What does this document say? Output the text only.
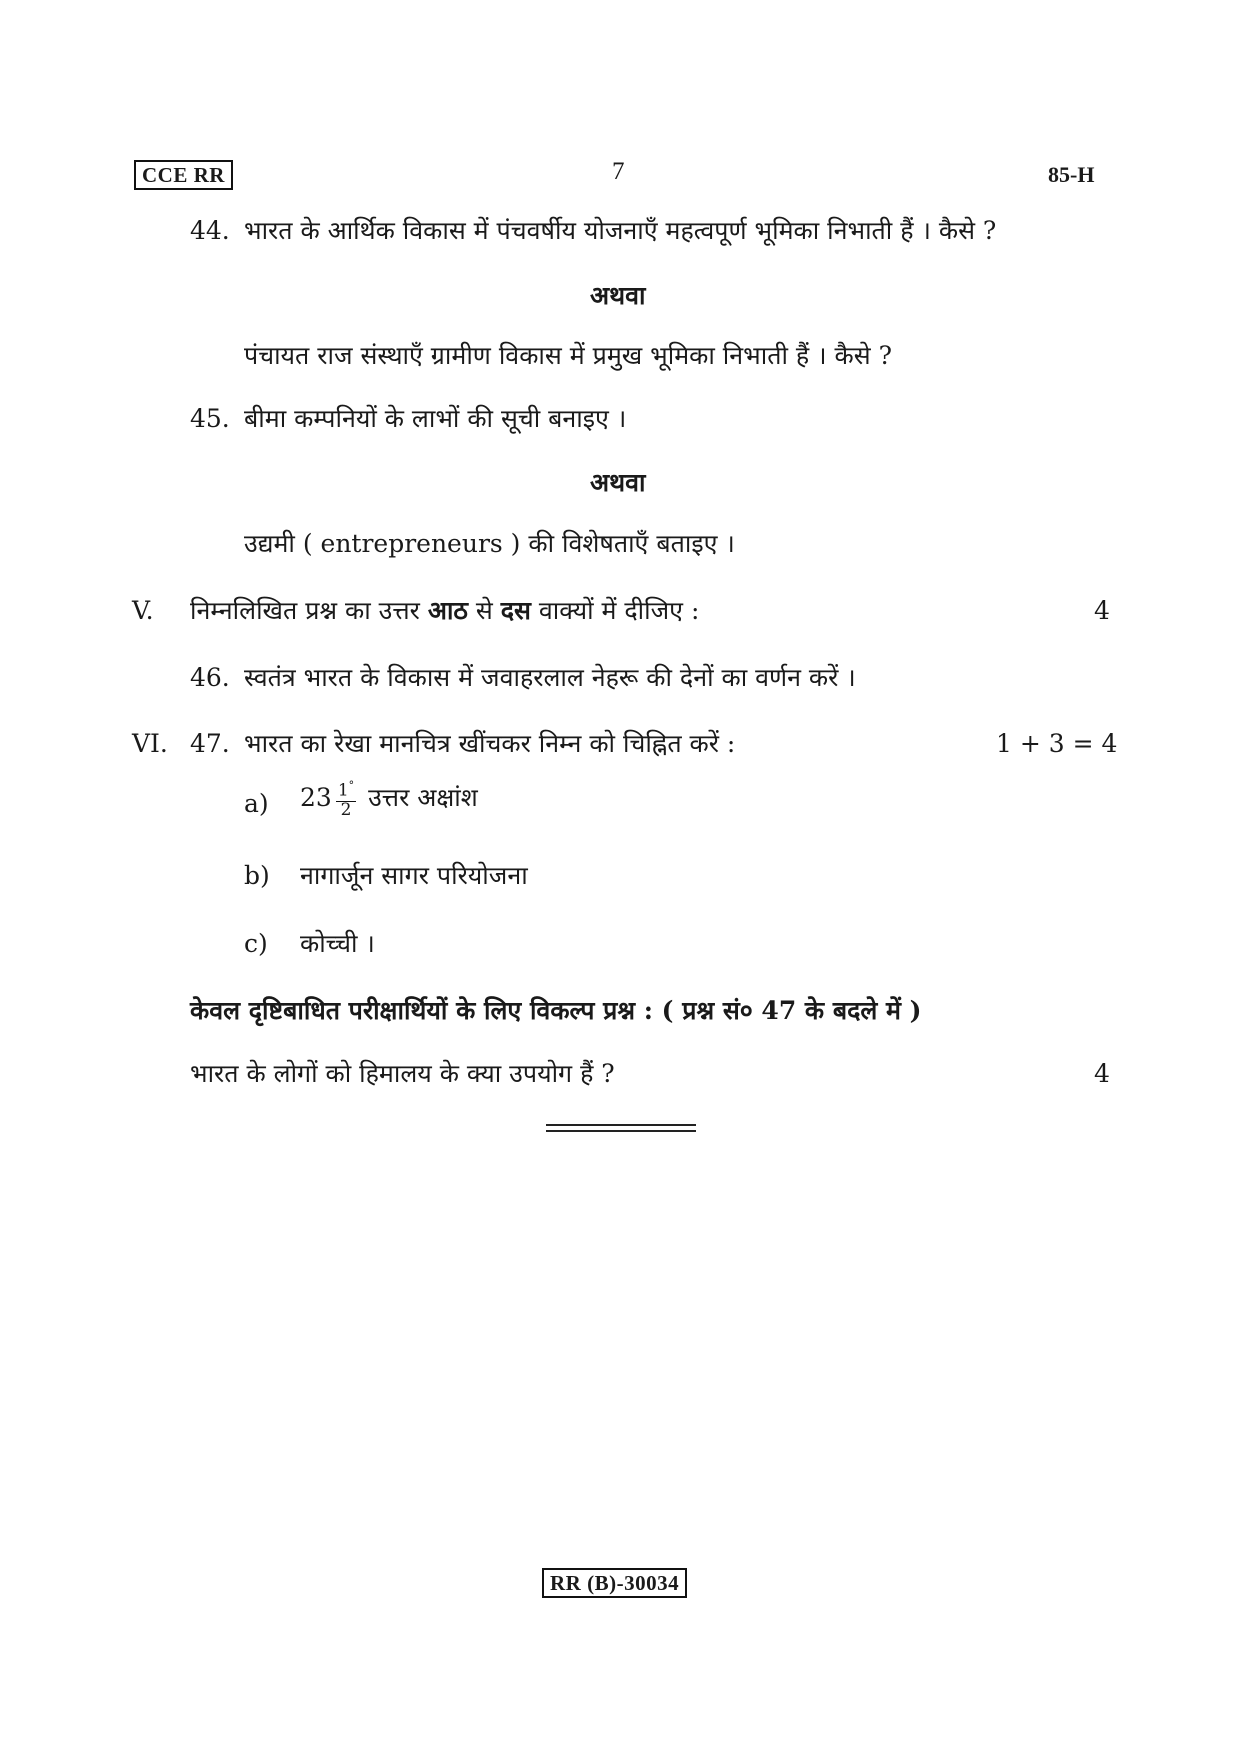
CCE RR	7	85-H
44. भारत के आर्थिक विकास में पंचवर्षीय योजनाएँ महत्वपूर्ण भूमिका निभाती हैं । कैसे ?
अथवा
पंचायत राज संस्थाएँ ग्रामीण विकास में प्रमुख भूमिका निभाती हैं । कैसे ?
45. बीमा कम्पनियों के लाभों की सूची बनाइए ।
अथवा
उद्यमी ( entrepreneurs ) की विशेषताएँ बताइए ।
V. निम्नलिखित प्रश्न का उत्तर आठ से दस वाक्यों में दीजिए :	4
46. स्वतंत्र भारत के विकास में जवाहरलाल नेहरू की देनों का वर्णन करें ।
VI. 47. भारत का रेखा मानचित्र खींचकर निम्न को चिह्नित करें :	1 + 3 = 4
a) $23 \frac{1^\circ}{2}$ उत्तर अक्षांश
b) नागार्जून सागर परियोजना
c) कोच्ची ।
केवल दृष्टिबाधित परीक्षार्थियों के लिए विकल्प प्रश्न : ( प्रश्न सं० 47 के बदले में )
भारत के लोगों को हिमालय के क्या उपयोग हैं ?	4
RR (B)-30034
